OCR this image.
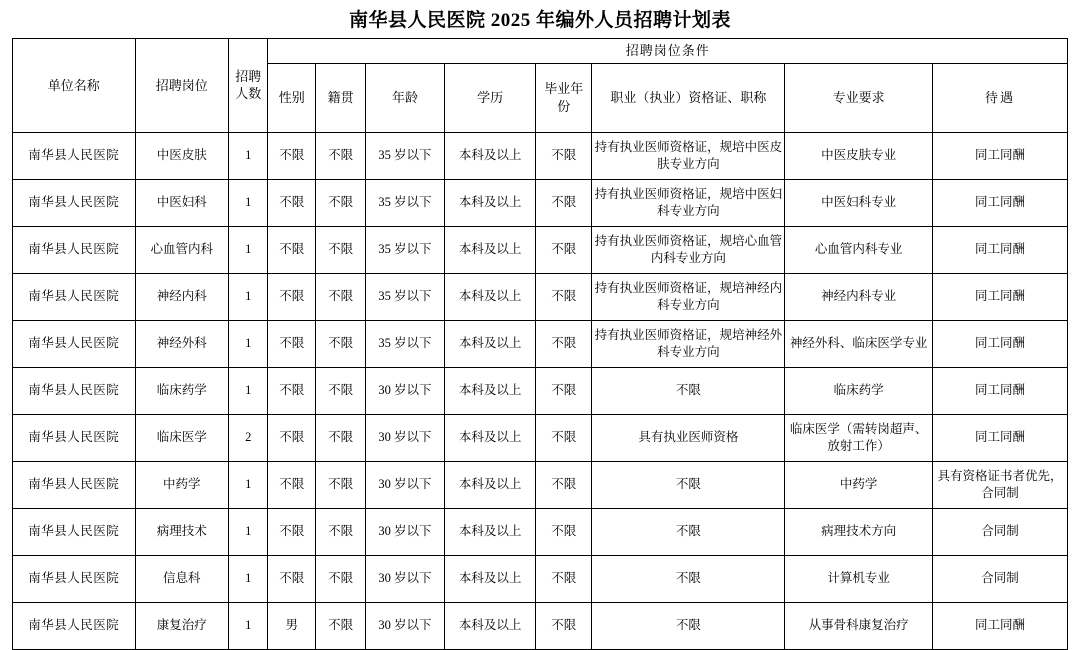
南华县人民医院 2025 年编外人员招聘计划表
单位名称	招聘岗位	招聘人数	招聘岗位条件							
			性别	籍贯	年龄	学历	毕业年份	职业（执业）资格证、职称	专业要求	待遇
南华县人民医院	中医皮肤	1	不限	不限	35 岁以下	本科及以上	不限	持有执业医师资格证，规培中医皮肤专业方向	中医皮肤专业	同工同酬
南华县人民医院	中医妇科	1	不限	不限	35 岁以下	本科及以上	不限	持有执业医师资格证，规培中医妇科专业方向	中医妇科专业	同工同酬
南华县人民医院	心血管内科	1	不限	不限	35 岁以下	本科及以上	不限	持有执业医师资格证，规培心血管内科专业方向	心血管内科专业	同工同酬
南华县人民医院	神经内科	1	不限	不限	35 岁以下	本科及以上	不限	持有执业医师资格证，规培神经内科专业方向	神经内科专业	同工同酬
南华县人民医院	神经外科	1	不限	不限	35 岁以下	本科及以上	不限	持有执业医师资格证，规培神经外科专业方向	神经外科、临床医学专业	同工同酬
南华县人民医院	临床药学	1	不限	不限	30 岁以下	本科及以上	不限	不限	临床药学	同工同酬
南华县人民医院	临床医学	2	不限	不限	30 岁以下	本科及以上	不限	具有执业医师资格	临床医学（需转岗超声、放射工作）	同工同酬
南华县人民医院	中药学	1	不限	不限	30 岁以下	本科及以上	不限	不限	中药学	具有资格证书者优先，合同制
南华县人民医院	病理技术	1	不限	不限	30 岁以下	本科及以上	不限	不限	病理技术方向	合同制
南华县人民医院	信息科	1	不限	不限	30 岁以下	本科及以上	不限	不限	计算机专业	合同制
南华县人民医院	康复治疗	1	男	不限	30 岁以下	本科及以上	不限	不限	从事骨科康复治疗	同工同酬
